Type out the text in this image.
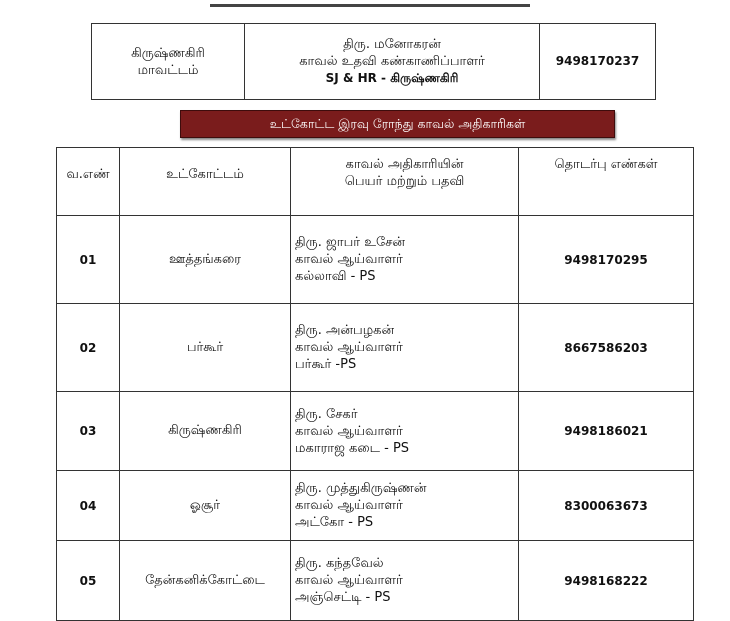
கிருஷ்ணகிரி
மாவட்டம்

திரு. மனோகரன்
காவல் உதவி கண்காணிப்பாளர்
SJ & HR - கிருஷ்ணகிரி
	9498170237
உட்கோட்ட இரவு ரோந்து காவல் அதிகாரிகள்
வ.எண்	உட்கோட்டம்	காவல் அதிகாரியின்
பெயர் மற்றும் பதவி	தொடர்பு எண்கள்
01	ஊத்தங்கரை	திரு. ஜாபர் உசேன்
காவல் ஆய்வாளர்
கல்லாவி - PS	9498170295
02	பர்கூர்	திரு. அன்பழகன்
காவல் ஆய்வாளர்
பர்கூர் -PS	8667586203
03	கிருஷ்ணகிரி	திரு. சேகர்
காவல் ஆய்வாளர்
மகாராஜ கடை - PS	9498186021
04	ஓசூர்	திரு. முத்துகிருஷ்ணன்
காவல் ஆய்வாளர்
அட்கோ - PS	8300063673
05	தேன்கனிக்கோட்டை	திரு. கந்தவேல்
காவல் ஆய்வாளர்
அஞ்செட்டி - PS	9498168222
